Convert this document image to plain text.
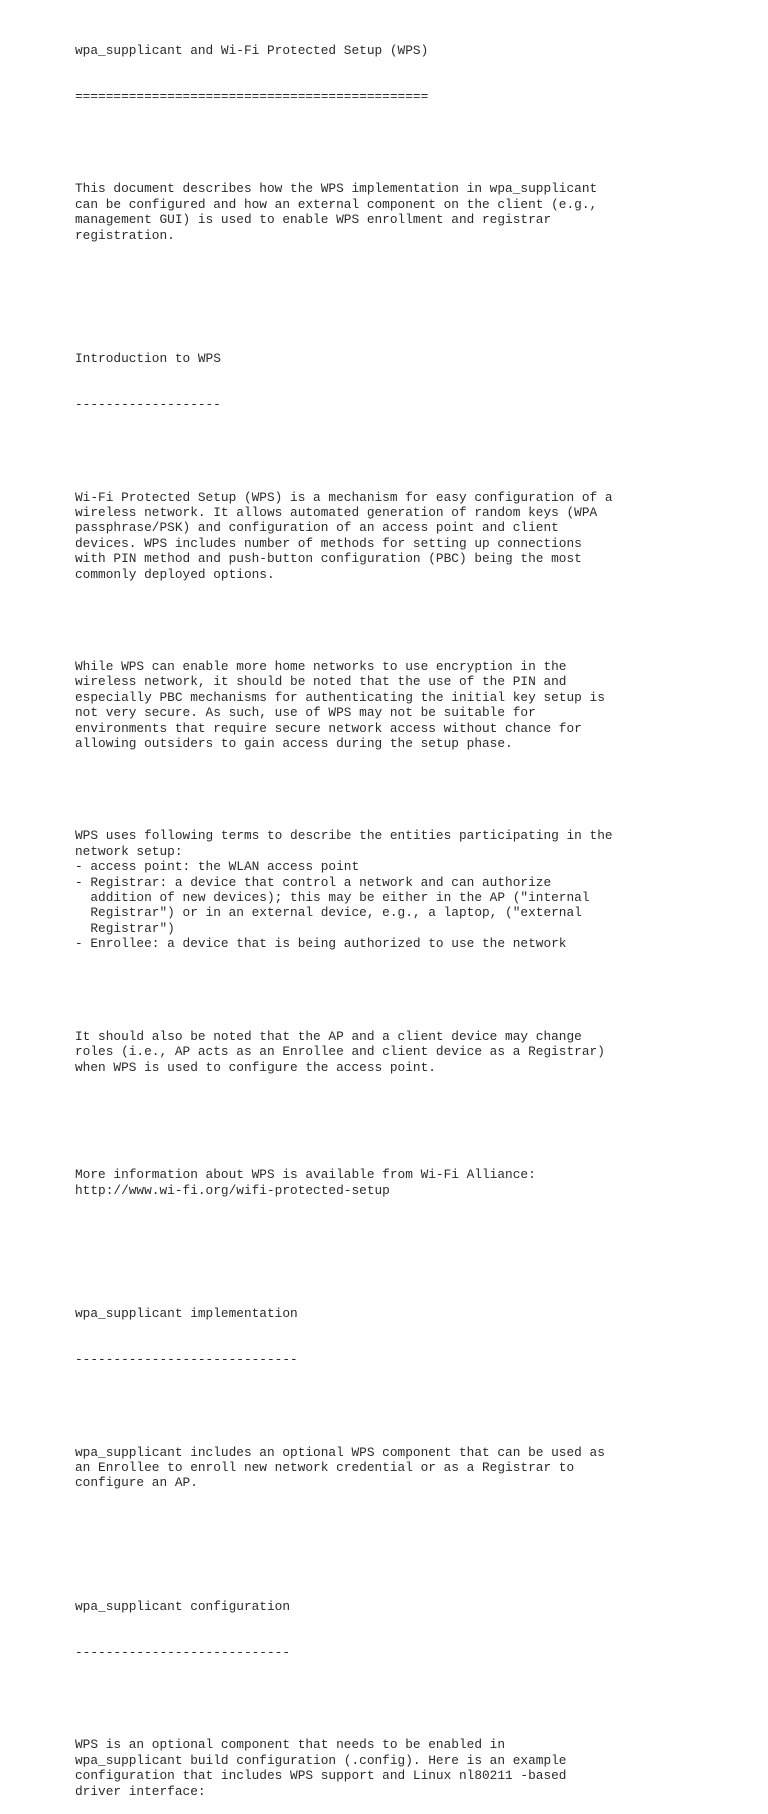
wpa_supplicant and Wi-Fi Protected Setup (WPS)

==============================================

This document describes how the WPS implementation in wpa_supplicant
can be configured and how an external component on the client (e.g.,
management GUI) is used to enable WPS enrollment and registrar
registration.

Introduction to WPS

-------------------

Wi-Fi Protected Setup (WPS) is a mechanism for easy configuration of a
wireless network. It allows automated generation of random keys (WPA
passphrase/PSK) and configuration of an access point and client
devices. WPS includes number of methods for setting up connections
with PIN method and push-button configuration (PBC) being the most
commonly deployed options.

While WPS can enable more home networks to use encryption in the
wireless network, it should be noted that the use of the PIN and
especially PBC mechanisms for authenticating the initial key setup is
not very secure. As such, use of WPS may not be suitable for
environments that require secure network access without chance for
allowing outsiders to gain access during the setup phase.

WPS uses following terms to describe the entities participating in the
network setup:
- access point: the WLAN access point
- Registrar: a device that control a network and can authorize
addition of new devices); this may be either in the AP ("internal
Registrar") or in an external device, e.g., a laptop, ("external
Registrar")
- Enrollee: a device that is being authorized to use the network

It should also be noted that the AP and a client device may change
roles (i.e., AP acts as an Enrollee and client device as a Registrar)
when WPS is used to configure the access point.

More information about WPS is available from Wi-Fi Alliance:
http://www.wi-fi.org/wifi-protected-setup

wpa_supplicant implementation

-----------------------------

wpa_supplicant includes an optional WPS component that can be used as
an Enrollee to enroll new network credential or as a Registrar to
configure an AP.

wpa_supplicant configuration

----------------------------

WPS is an optional component that needs to be enabled in
wpa_supplicant build configuration (.config). Here is an example
configuration that includes WPS support and Linux nl80211 -based
driver interface:
